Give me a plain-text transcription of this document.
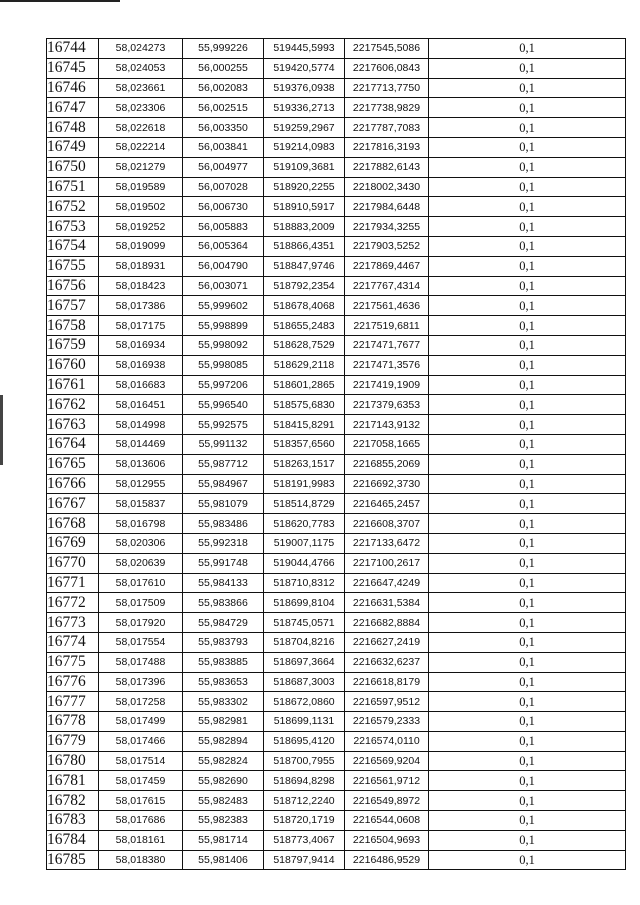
16744	58,024273	55,999226	519445,5993	2217545,5086	0,1
16745	58,024053	56,000255	519420,5774	2217606,0843	0,1
16746	58,023661	56,002083	519376,0938	2217713,7750	0,1
16747	58,023306	56,002515	519336,2713	2217738,9829	0,1
16748	58,022618	56,003350	519259,2967	2217787,7083	0,1
16749	58,022214	56,003841	519214,0983	2217816,3193	0,1
16750	58,021279	56,004977	519109,3681	2217882,6143	0,1
16751	58,019589	56,007028	518920,2255	2218002,3430	0,1
16752	58,019502	56,006730	518910,5917	2217984,6448	0,1
16753	58,019252	56,005883	518883,2009	2217934,3255	0,1
16754	58,019099	56,005364	518866,4351	2217903,5252	0,1
16755	58,018931	56,004790	518847,9746	2217869,4467	0,1
16756	58,018423	56,003071	518792,2354	2217767,4314	0,1
16757	58,017386	55,999602	518678,4068	2217561,4636	0,1
16758	58,017175	55,998899	518655,2483	2217519,6811	0,1
16759	58,016934	55,998092	518628,7529	2217471,7677	0,1
16760	58,016938	55,998085	518629,2118	2217471,3576	0,1
16761	58,016683	55,997206	518601,2865	2217419,1909	0,1
16762	58,016451	55,996540	518575,6830	2217379,6353	0,1
16763	58,014998	55,992575	518415,8291	2217143,9132	0,1
16764	58,014469	55,991132	518357,6560	2217058,1665	0,1
16765	58,013606	55,987712	518263,1517	2216855,2069	0,1
16766	58,012955	55,984967	518191,9983	2216692,3730	0,1
16767	58,015837	55,981079	518514,8729	2216465,2457	0,1
16768	58,016798	55,983486	518620,7783	2216608,3707	0,1
16769	58,020306	55,992318	519007,1175	2217133,6472	0,1
16770	58,020639	55,991748	519044,4766	2217100,2617	0,1
16771	58,017610	55,984133	518710,8312	2216647,4249	0,1
16772	58,017509	55,983866	518699,8104	2216631,5384	0,1
16773	58,017920	55,984729	518745,0571	2216682,8884	0,1
16774	58,017554	55,983793	518704,8216	2216627,2419	0,1
16775	58,017488	55,983885	518697,3664	2216632,6237	0,1
16776	58,017396	55,983653	518687,3003	2216618,8179	0,1
16777	58,017258	55,983302	518672,0860	2216597,9512	0,1
16778	58,017499	55,982981	518699,1131	2216579,2333	0,1
16779	58,017466	55,982894	518695,4120	2216574,0110	0,1
16780	58,017514	55,982824	518700,7955	2216569,9204	0,1
16781	58,017459	55,982690	518694,8298	2216561,9712	0,1
16782	58,017615	55,982483	518712,2240	2216549,8972	0,1
16783	58,017686	55,982383	518720,1719	2216544,0608	0,1
16784	58,018161	55,981714	518773,4067	2216504,9693	0,1
16785	58,018380	55,981406	518797,9414	2216486,9529	0,1
